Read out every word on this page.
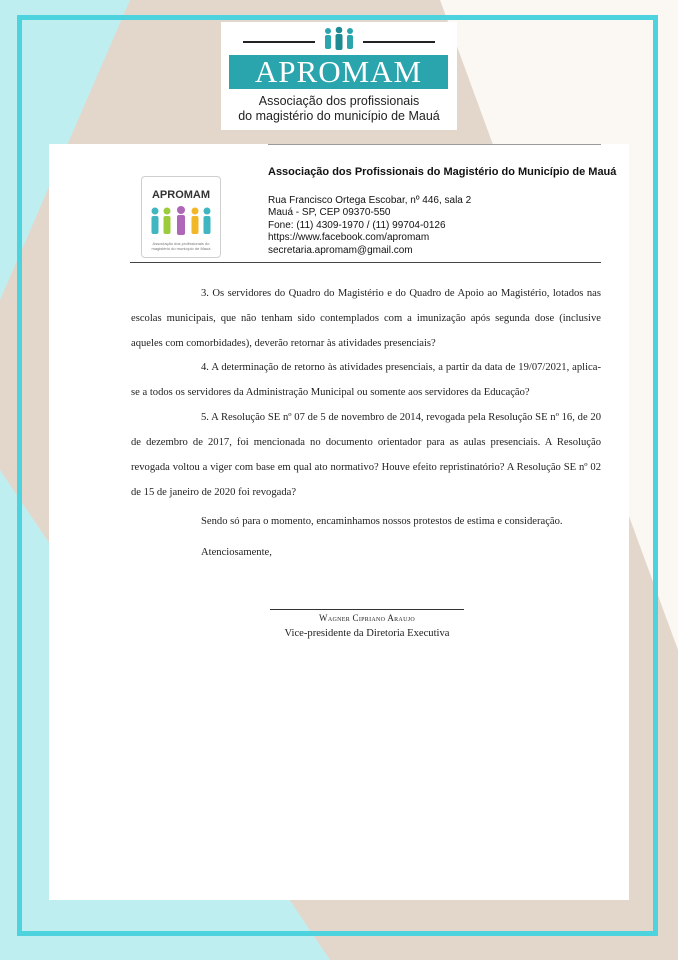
APROMAM
Associação dos profissionais
do magistério do município de Mauá
APROMAM
Associação dos profissionais do magistério do município de Mauá
Associação dos Profissionais do Magistério do Município de Mauá
Rua Francisco Ortega Escobar, nº 446, sala 2
Mauá - SP, CEP 09370-550
Fone: (11) 4309-1970 / (11) 99704-0126
https://www.facebook.com/apromam
secretaria.apromam@gmail.com
3. Os servidores do Quadro do Magistério e do Quadro de Apoio ao Magistério, lotados nas escolas municipais, que não tenham sido contemplados com a imunização após segunda dose (inclusive aqueles com comorbidades), deverão retornar às atividades presenciais?
4. A determinação de retorno às atividades presenciais, a partir da data de 19/07/2021, aplica-se a todos os servidores da Administração Municipal ou somente aos servidores da Educação?
5. A Resolução SE nº 07 de 5 de novembro de 2014, revogada pela Resolução SE nº 16, de 20 de dezembro de 2017, foi mencionada no documento orientador para as aulas presenciais. A Resolução revogada voltou a viger com base em qual ato normativo? Houve efeito repristinatório? A Resolução SE nº 02 de 15 de janeiro de 2020 foi revogada?
Sendo só para o momento, encaminhamos nossos protestos de estima e consideração.
Atenciosamente,
Wagner Cipriano Araujo
Vice-presidente da Diretoria Executiva
